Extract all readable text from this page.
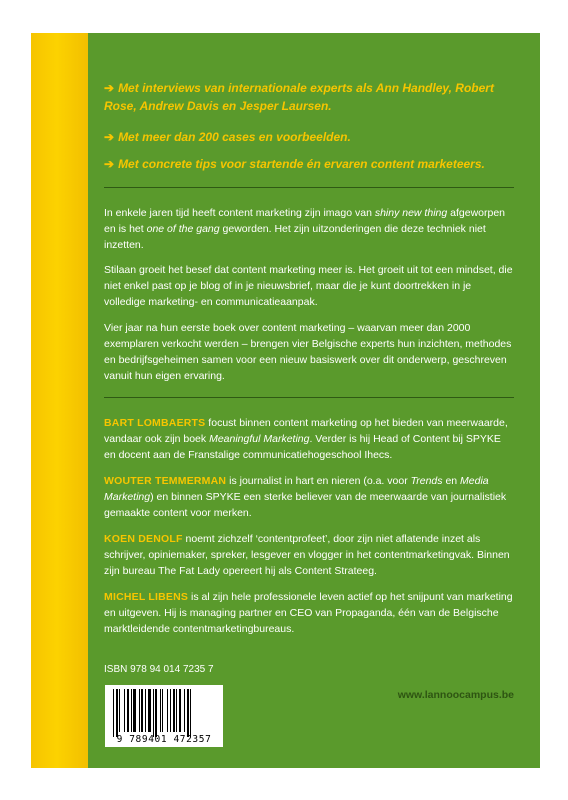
➔ Met interviews van internationale experts als Ann Handley, Robert Rose, Andrew Davis en Jesper Laursen.
➔ Met meer dan 200 cases en voorbeelden.
➔ Met concrete tips voor startende én ervaren content marketeers.
In enkele jaren tijd heeft content marketing zijn imago van shiny new thing afgeworpen en is het one of the gang geworden. Het zijn uitzonderingen die deze techniek niet inzetten.
Stilaan groeit het besef dat content marketing meer is. Het groeit uit tot een mindset, die niet enkel past op je blog of in je nieuwsbrief, maar die je kunt doortrekken in je volledige marketing- en communicatieaanpak.
Vier jaar na hun eerste boek over content marketing – waarvan meer dan 2000 exemplaren verkocht werden – brengen vier Belgische experts hun inzichten, methodes en bedrijfsgeheimen samen voor een nieuw basiswerk over dit onderwerp, geschreven vanuit hun eigen ervaring.
BART LOMBAERTS focust binnen content marketing op het bieden van meerwaarde, vandaar ook zijn boek Meaningful Marketing. Verder is hij Head of Content bij SPYKE en docent aan de Franstalige communicatiehogeschool Ihecs.
WOUTER TEMMERMAN is journalist in hart en nieren (o.a. voor Trends en Media Marketing) en binnen SPYKE een sterke believer van de meerwaarde van journalistiek gemaakte content voor merken.
KOEN DENOLF noemt zichzelf ‘contentprofeet’, door zijn niet aflatende inzet als schrijver, opiniemaker, spreker, lesgever en vlogger in het contentmarketingvak. Binnen zijn bureau The Fat Lady opereert hij als Content Strateeg.
MICHEL LIBENS is al zijn hele professionele leven actief op het snijpunt van marketing en uitgeven. Hij is managing partner en CEO van Propaganda, één van de Belgische marktleidende contentmarketingbureaus.
ISBN 978 94 014 7235 7
www.lannoocampus.be
9 789401 472357
